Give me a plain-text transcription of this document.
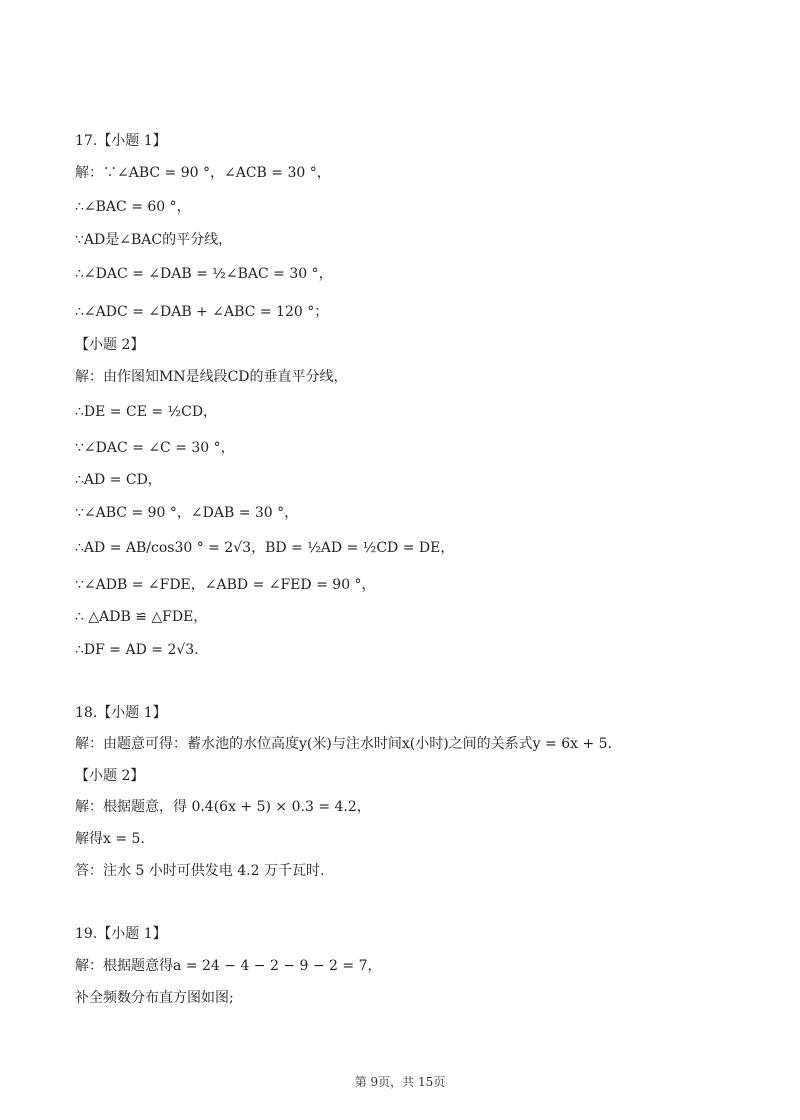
17.【小题 1】
解：∵∠ABC = 90 °，∠ACB = 30 °，
∴∠BAC = 60 °，
∵AD是∠BAC的平分线，
∴∠DAC = ∠DAB = ½∠BAC = 30 °，
∴∠ADC = ∠DAB + ∠ABC = 120 °；
【小题 2】
解：由作图知MN是线段CD的垂直平分线，
∴DE = CE = ½CD，
∵∠DAC = ∠C = 30 °，
∴AD = CD，
∵∠ABC = 90 °，∠DAB = 30 °，
∴AD = AB/cos30 ° = 2√3，BD = ½AD = ½CD = DE，
∵∠ADB = ∠FDE，∠ABD = ∠FED = 90 °，
∴ △ADB ≌ △FDE，
∴DF = AD = 2√3.
18.【小题 1】
解：由题意可得：蓄水池的水位高度y(米)与注水时间x(小时)之间的关系式y = 6x + 5.
【小题 2】
解：根据题意，得 0.4(6x + 5) × 0.3 = 4.2，
解得x = 5.
答：注水 5 小时可供发电 4.2 万千瓦时.
19.【小题 1】
解：根据题意得a = 24 − 4 − 2 − 9 − 2 = 7，
补全频数分布直方图如图;
第 9页，共 15页
